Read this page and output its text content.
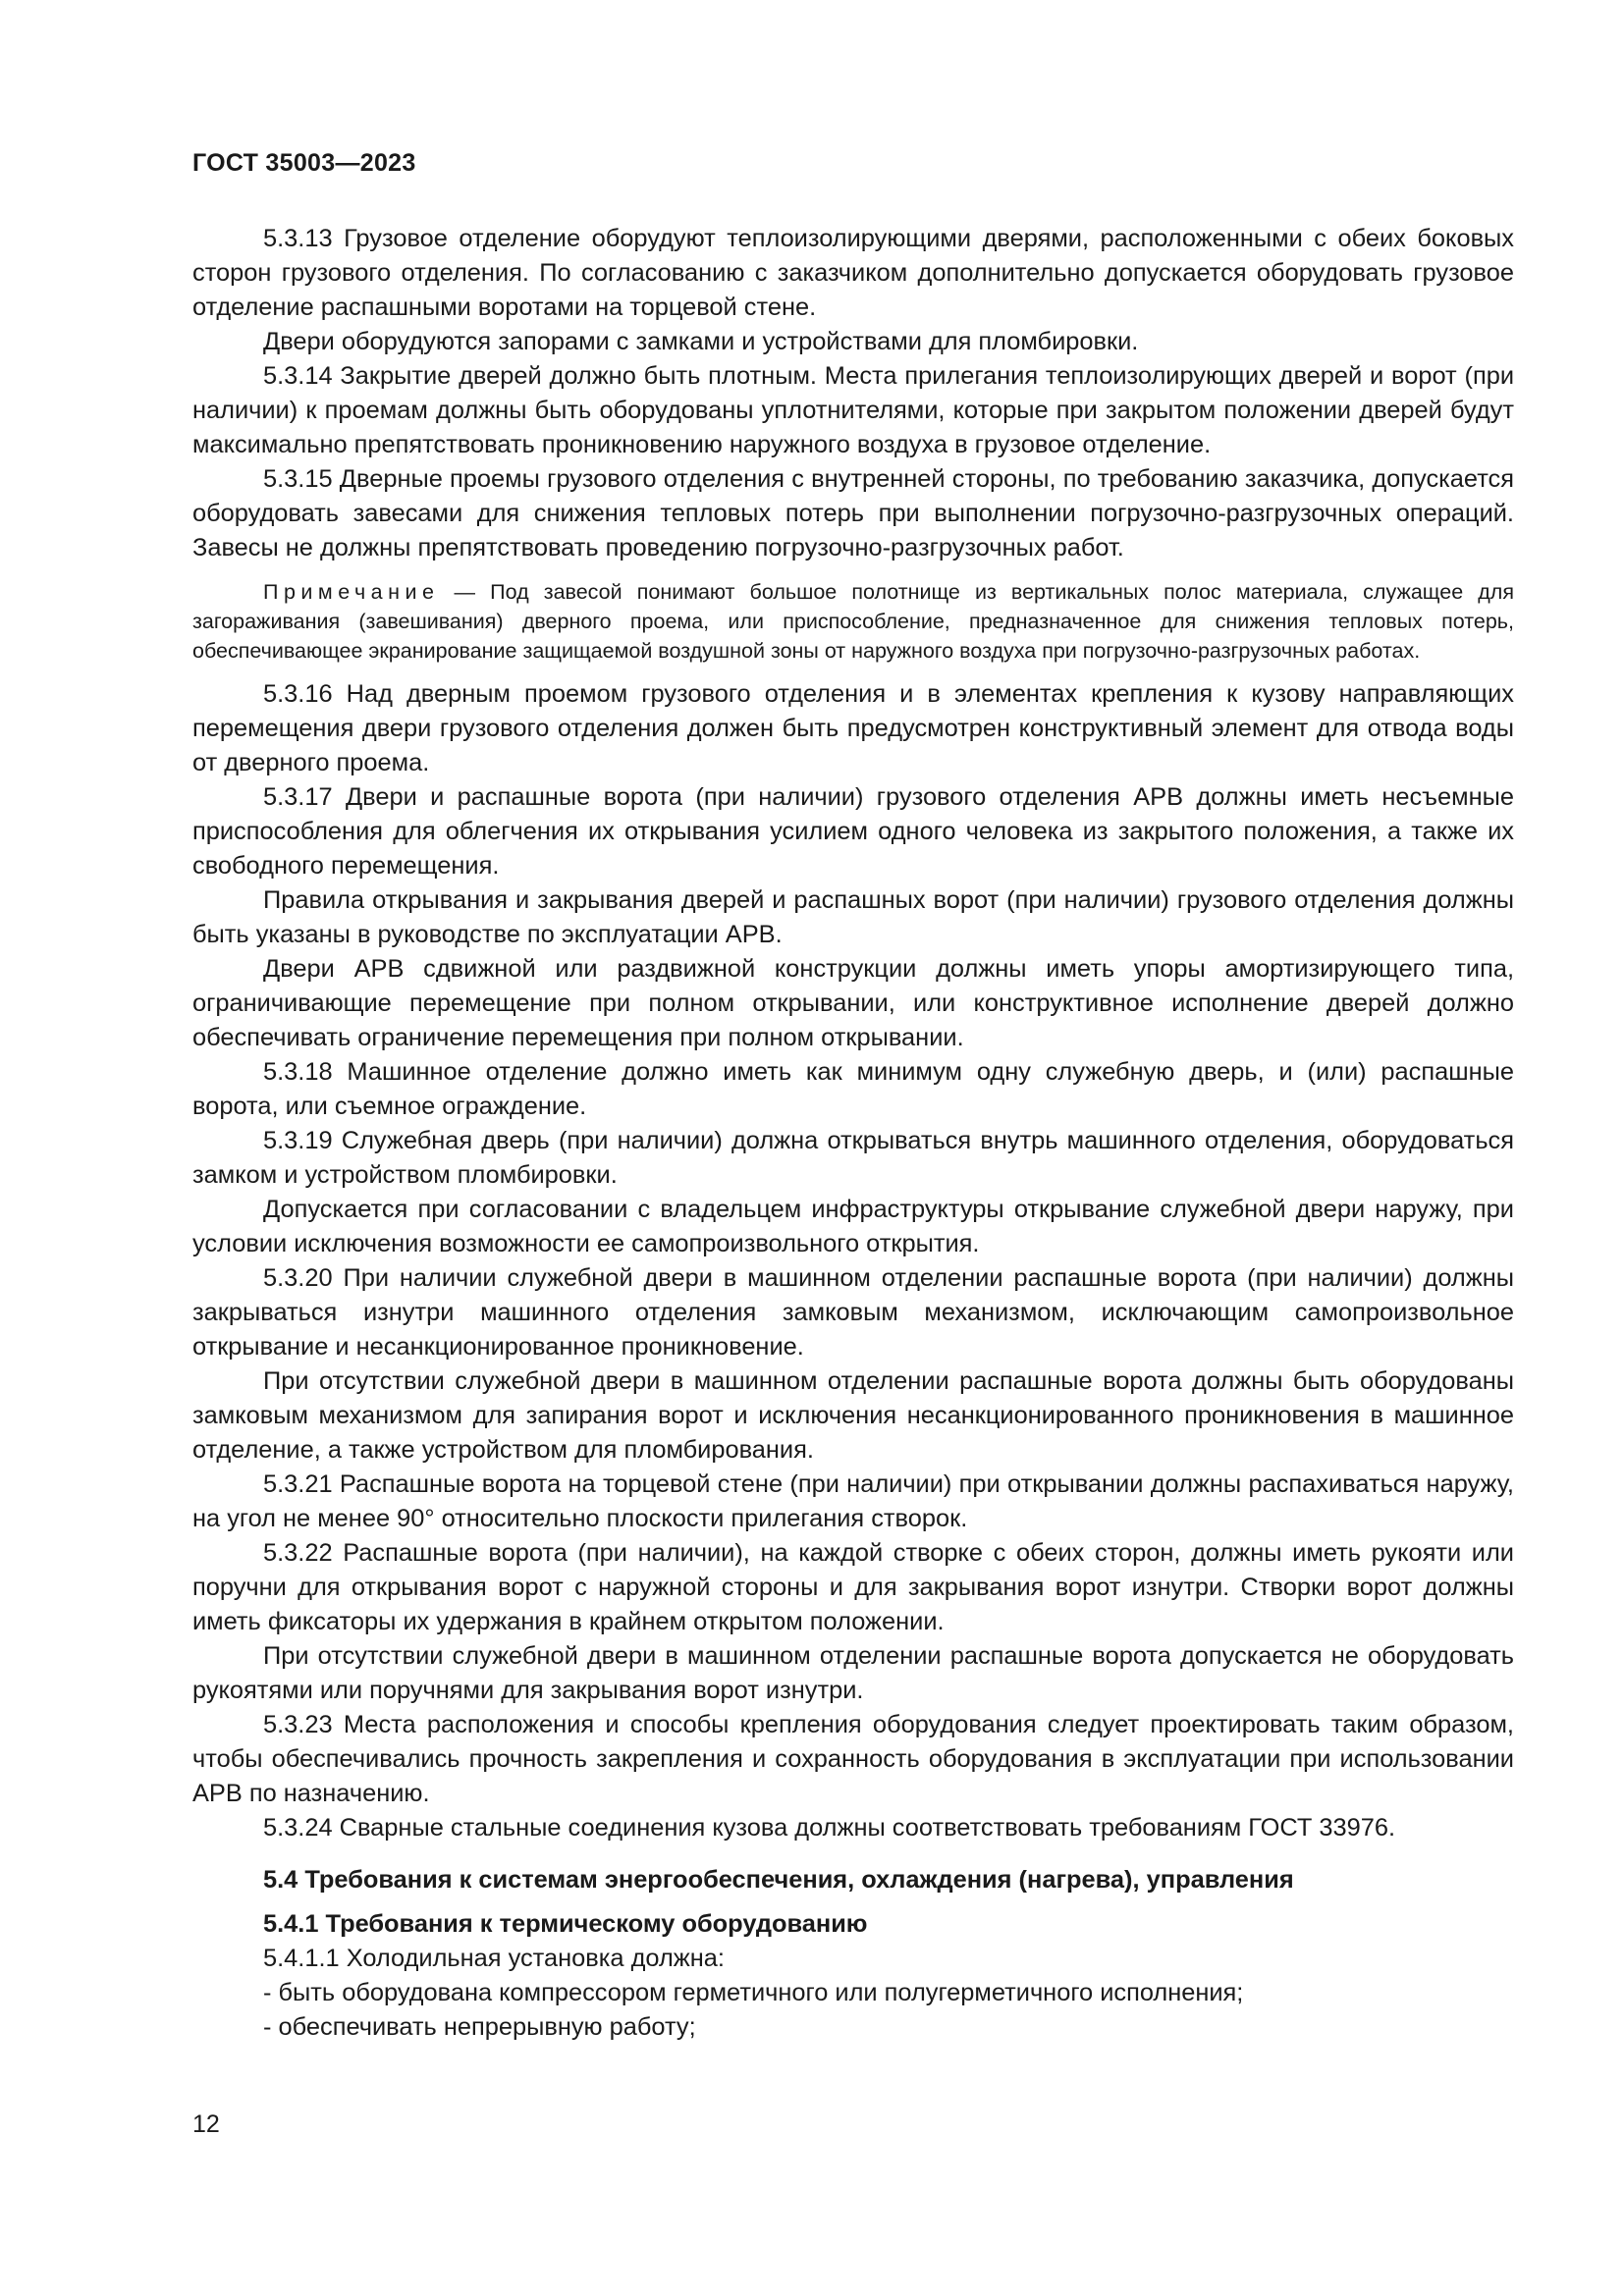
ГОСТ 35003—2023

5.3.13 Грузовое отделение оборудуют теплоизолирующими дверями, расположенными с обеих боковых сторон грузового отделения. По согласованию с заказчиком дополнительно допускается оборудовать грузовое отделение распашными воротами на торцевой стене.

Двери оборудуются запорами с замками и устройствами для пломбировки.

5.3.14 Закрытие дверей должно быть плотным. Места прилегания теплоизолирующих дверей и ворот (при наличии) к проемам должны быть оборудованы уплотнителями, которые при закрытом положении дверей будут максимально препятствовать проникновению наружного воздуха в грузовое отделение.

5.3.15 Дверные проемы грузового отделения с внутренней стороны, по требованию заказчика, допускается оборудовать завесами для снижения тепловых потерь при выполнении погрузочно-разгрузочных операций. Завесы не должны препятствовать проведению погрузочно-разгрузочных работ.

Примечание — Под завесой понимают большое полотнище из вертикальных полос материала, служащее для загораживания (завешивания) дверного проема, или приспособление, предназначенное для снижения тепловых потерь, обеспечивающее экранирование защищаемой воздушной зоны от наружного воздуха при погрузочно-разгрузочных работах.

5.3.16 Над дверным проемом грузового отделения и в элементах крепления к кузову направляющих перемещения двери грузового отделения должен быть предусмотрен конструктивный элемент для отвода воды от дверного проема.

5.3.17 Двери и распашные ворота (при наличии) грузового отделения АРВ должны иметь несъемные приспособления для облегчения их открывания усилием одного человека из закрытого положения, а также их свободного перемещения.

Правила открывания и закрывания дверей и распашных ворот (при наличии) грузового отделения должны быть указаны в руководстве по эксплуатации АРВ.

Двери АРВ сдвижной или раздвижной конструкции должны иметь упоры амортизирующего типа, ограничивающие перемещение при полном открывании, или конструктивное исполнение дверей должно обеспечивать ограничение перемещения при полном открывании.

5.3.18 Машинное отделение должно иметь как минимум одну служебную дверь, и (или) распашные ворота, или съемное ограждение.

5.3.19 Служебная дверь (при наличии) должна открываться внутрь машинного отделения, оборудоваться замком и устройством пломбировки.

Допускается при согласовании с владельцем инфраструктуры открывание служебной двери наружу, при условии исключения возможности ее самопроизвольного открытия.

5.3.20 При наличии служебной двери в машинном отделении распашные ворота (при наличии) должны закрываться изнутри машинного отделения замковым механизмом, исключающим самопроизвольное открывание и несанкционированное проникновение.

При отсутствии служебной двери в машинном отделении распашные ворота должны быть оборудованы замковым механизмом для запирания ворот и исключения несанкционированного проникновения в машинное отделение, а также устройством для пломбирования.

5.3.21 Распашные ворота на торцевой стене (при наличии) при открывании должны распахиваться наружу, на угол не менее 90° относительно плоскости прилегания створок.

5.3.22 Распашные ворота (при наличии), на каждой створке с обеих сторон, должны иметь рукояти или поручни для открывания ворот с наружной стороны и для закрывания ворот изнутри. Створки ворот должны иметь фиксаторы их удержания в крайнем открытом положении.

При отсутствии служебной двери в машинном отделении распашные ворота допускается не оборудовать рукоятями или поручнями для закрывания ворот изнутри.

5.3.23 Места расположения и способы крепления оборудования следует проектировать таким образом, чтобы обеспечивались прочность закрепления и сохранность оборудования в эксплуатации при использовании АРВ по назначению.

5.3.24 Сварные стальные соединения кузова должны соответствовать требованиям ГОСТ 33976.

5.4 Требования к системам энергообеспечения, охлаждения (нагрева), управления
5.4.1 Требования к термическому оборудованию

5.4.1.1 Холодильная установка должна:

- быть оборудована компрессором герметичного или полугерметичного исполнения;

- обеспечивать непрерывную работу;

12
